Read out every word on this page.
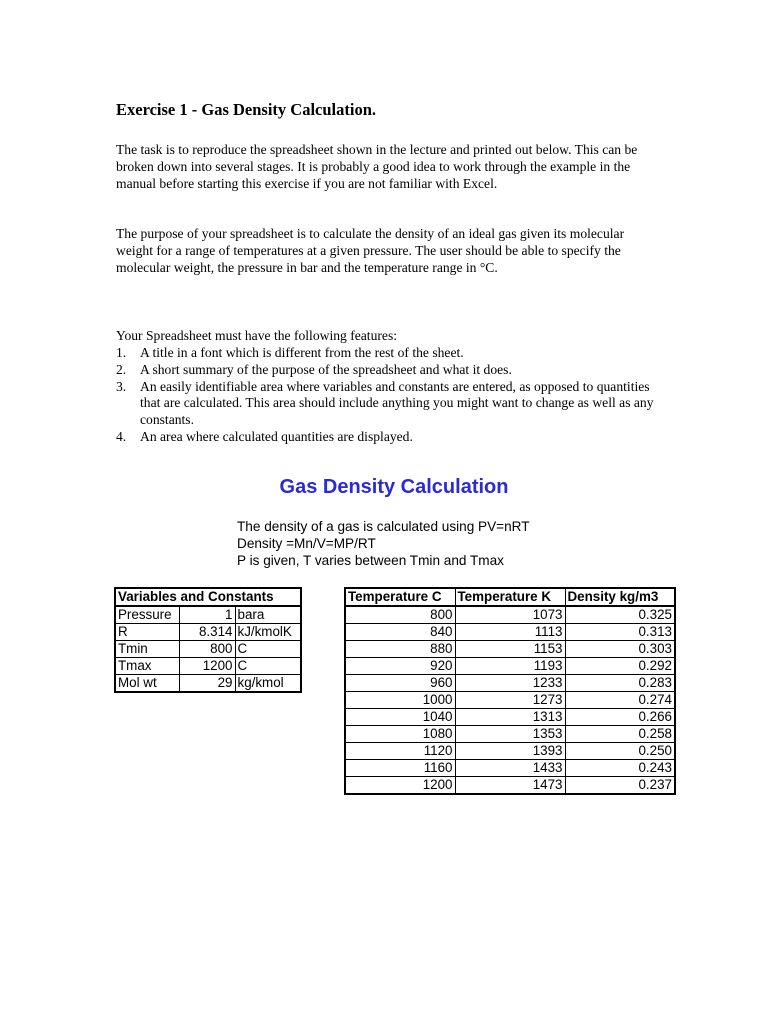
Exercise 1 - Gas Density Calculation.
The task is to reproduce the spreadsheet shown in the lecture and printed out below. This can be broken down into several stages. It is probably a good idea to work through the example in the manual before starting this exercise if you are not familiar with Excel.
The purpose of your spreadsheet is to calculate the density of an ideal gas given its molecular weight for a range of temperatures at a given pressure. The user should be able to specify the molecular weight, the pressure in bar and the temperature range in °C.
Your Spreadsheet must have the following features:
1. A title in a font which is different from the rest of the sheet.
2. A short summary of the purpose of the spreadsheet and what it does.
3. An easily identifiable area where variables and constants are entered, as opposed to quantities that are calculated. This area should include anything you might want to change as well as any constants.
4. An area where calculated quantities are displayed.
Gas Density Calculation
The density of a gas is calculated using PV=nRT
Density =Mn/V=MP/RT
P is given, T varies between Tmin and Tmax
Variables and Constants		
Pressure	1	bara
R	8.314	kJ/kmolK
Tmin	800	C
Tmax	1200	C
Mol wt	29	kg/kmol
Temperature C	Temperature K	Density kg/m3
800	1073	0.325
840	1113	0.313
880	1153	0.303
920	1193	0.292
960	1233	0.283
1000	1273	0.274
1040	1313	0.266
1080	1353	0.258
1120	1393	0.250
1160	1433	0.243
1200	1473	0.237
